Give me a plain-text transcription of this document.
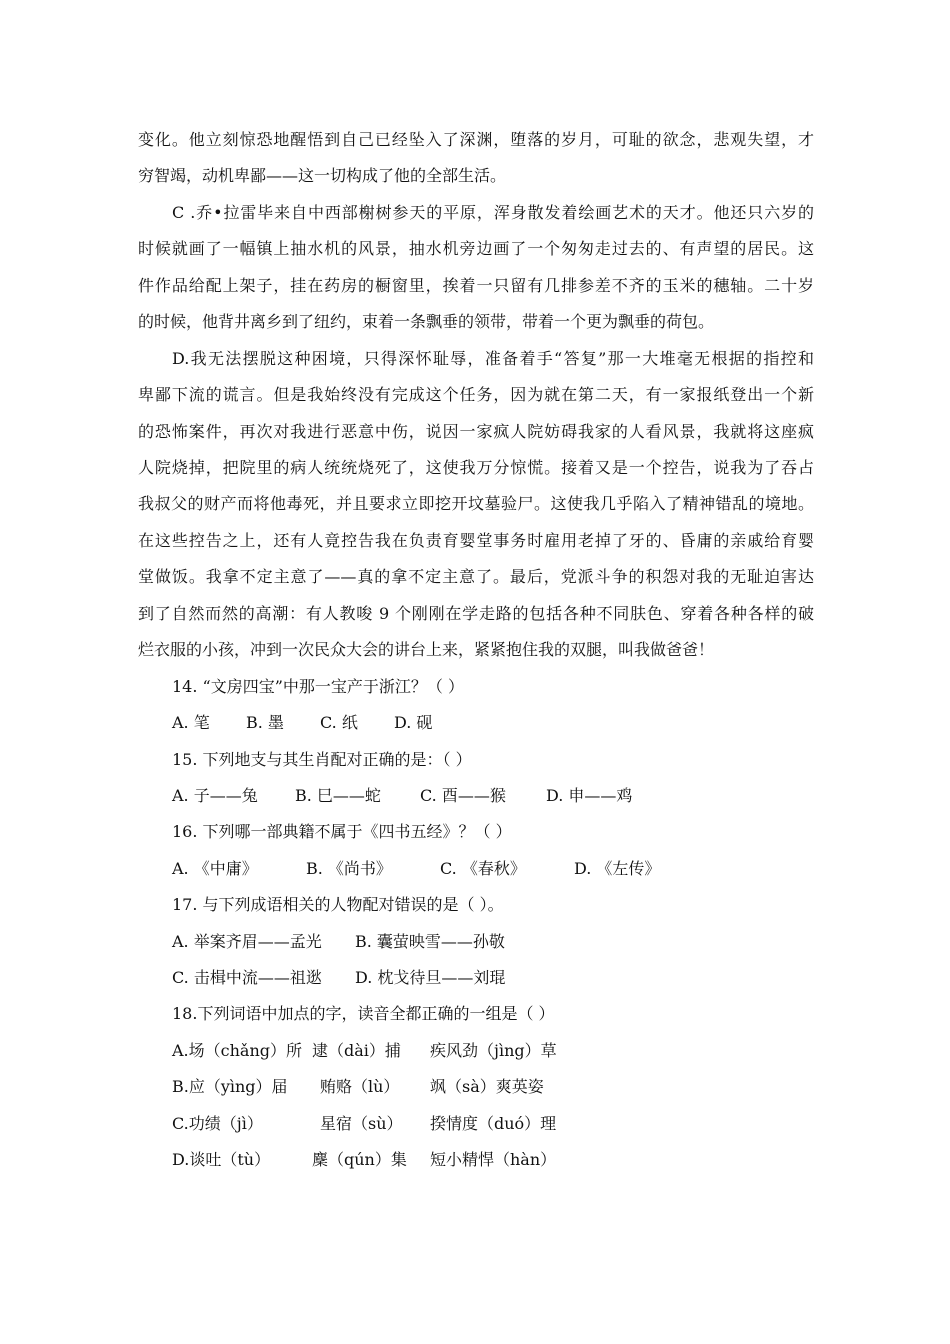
变化。他立刻惊恐地醒悟到自己已经坠入了深渊，堕落的岁月，可耻的欲念，悲观失望，才
穷智竭，动机卑鄙——这一切构成了他的全部生活。
C .乔•拉雷毕来自中西部榭树参天的平原，浑身散发着绘画艺术的天才。他还只六岁的
时候就画了一幅镇上抽水机的风景，抽水机旁边画了一个匆匆走过去的、有声望的居民。这
件作品给配上架子，挂在药房的橱窗里，挨着一只留有几排参差不齐的玉米的穗轴。二十岁
的时候，他背井离乡到了纽约，束着一条飘垂的领带，带着一个更为飘垂的荷包。
D.我无法摆脱这种困境，只得深怀耻辱，准备着手“答复”那一大堆毫无根据的指控和
卑鄙下流的谎言。但是我始终没有完成这个任务，因为就在第二天，有一家报纸登出一个新
的恐怖案件，再次对我进行恶意中伤，说因一家疯人院妨碍我家的人看风景，我就将这座疯
人院烧掉，把院里的病人统统烧死了，这使我万分惊慌。接着又是一个控告，说我为了吞占
我叔父的财产而将他毒死，并且要求立即挖开坟墓验尸。这使我几乎陷入了精神错乱的境地。
在这些控告之上，还有人竟控告我在负责育婴堂事务时雇用老掉了牙的、昏庸的亲戚给育婴
堂做饭。我拿不定主意了——真的拿不定主意了。最后，党派斗争的积怨对我的无耻迫害达
到了自然而然的高潮：有人教唆 9 个刚刚在学走路的包括各种不同肤色、穿着各种各样的破
烂衣服的小孩，冲到一次民众大会的讲台上来，紧紧抱住我的双腿，叫我做爸爸！
14. “文房四宝”中那一宝产于浙江？（ ）
A. 笔 B. 墨 C. 纸 D. 砚
15. 下列地支与其生肖配对正确的是：（ ）
A. 子——兔 B. 巳——蛇 C. 酉——猴	D. 申——鸡
16. 下列哪一部典籍不属于《四书五经》？（ ）
A. 《中庸》	B. 《尚书》	C. 《春秋》	D. 《左传》
17. 与下列成语相关的人物配对错误的是（ ）。
A. 举案齐眉——孟光 B. 囊萤映雪——孙敬
C. 击楫中流——祖逖 D. 枕戈待旦——刘琨
18.下列词语中加点的字，读音全都正确的一组是（ ）
A.场（chǎng）所 逮（dài）捕 疾风劲（jìng）草
B.应（yìng）届 贿赂（lù） 飒（sà）爽英姿
C.功绩（jì）	星宿（sù） 揆情度（duó）理
D.谈吐（tù）	麇（qún）集 短小精悍（hàn）
